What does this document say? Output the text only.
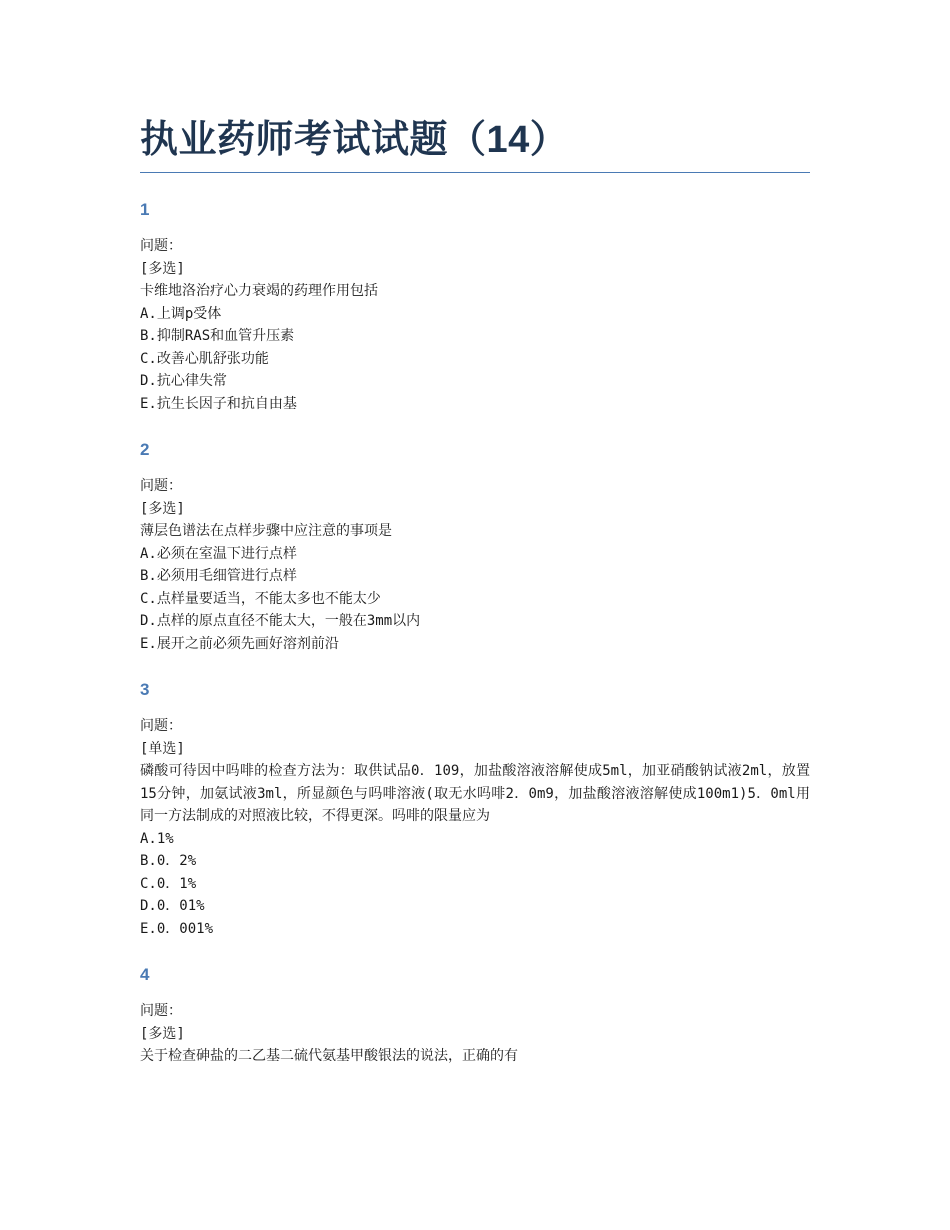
执业药师考试试题（14）
1
问题：
[多选]
卡维地洛治疗心力衰竭的药理作用包括
A.上调p受体
B.抑制RAS和血管升压素
C.改善心肌舒张功能
D.抗心律失常
E.抗生长因子和抗自由基
2
问题：
[多选]
薄层色谱法在点样步骤中应注意的事项是
A.必须在室温下进行点样
B.必须用毛细管进行点样
C.点样量要适当，不能太多也不能太少
D.点样的原点直径不能太大，一般在3mm以内
E.展开之前必须先画好溶剂前沿
3
问题：
[单选]
磷酸可待因中吗啡的检查方法为：取供试品0．109，加盐酸溶液溶解使成5ml，加亚硝酸钠试液2ml，放置15分钟，加氨试液3ml，所显颜色与吗啡溶液(取无水吗啡2．0m9，加盐酸溶液溶解使成100m1)5．0ml用同一方法制成的对照液比较，不得更深。吗啡的限量应为
A.1%
B.0．2%
C.0．1%
D.0．01%
E.0．001%
4
问题：
[多选]
关于检查砷盐的二乙基二硫代氨基甲酸银法的说法，正确的有
